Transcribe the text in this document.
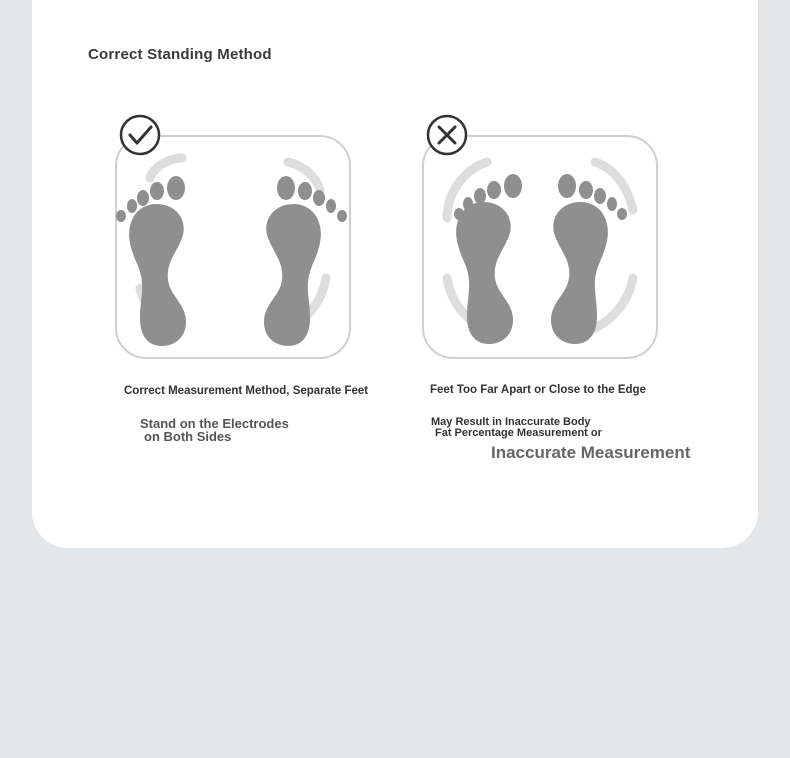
Correct Standing Method
Correct Measurement Method, Separate Feet
Stand on the Electrodes
on Both Sides
Feet Too Far Apart or Close to the Edge
May Result in Inaccurate Body
Fat Percentage Measurement or
Inaccurate Measurement
